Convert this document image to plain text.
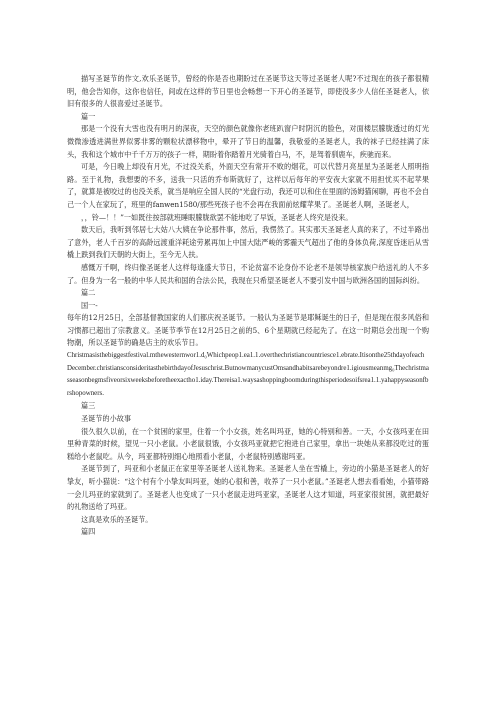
描写圣诞节的作文,欢乐圣诞节，曾经的你是否也期盼过在圣诞节这天等过圣诞老人呢?不过现在的孩子都很精明，他会告知你，这你也信任，间或在这样的节日里也会畅想一下开心的圣诞节，即使没多少人信任圣诞老人，依旧有很多的人很喜爱过圣诞节。

篇一

那是一个没有大雪也没有明月的深夜，天空的颜色就像你老班趴窗户时阴沉的脸色，对面楼层朦胧透过的灯光微微渗透进满世界似雾非雾的颗粒状漂移物中，晕开了节日的温馨，我敬爱的圣诞老人，我的袜子已经挂满了床头，我和这个城市中千千万万的孩子一样，期盼着你踏着月光骑着白马，不，是驾着驯鹿车，疾驰而来。

可是，今日晚上却没有月光，不过没关系，外面天空有常开不败的烟花，可以代替月亮星星为圣诞老人照明指路。至于礼物，我想要的不多，送我一只活的乔布斯就好了，这样以后每年的平安夜大家就不用担忧买不起苹果了，就算是被咬过的也没关系，就当是响应全国人民的“光盘行动，我还可以和住在里面的汤姆猫闲聊，再也不会自己一个人在家玩了，班里的fanwen1580/那些死孩子也不会再在我面前炫耀苹果了。圣诞老人啊，圣诞老人，

，，铃—！！”一如既往按部就班睡眼朦胧欲罢不能地吃了早饭，圣诞老人终究是没来。

数天后，我听到邻居七大姑八大姨在争论那件事，然后，我愣然了。其实那天圣诞老人真的来了，不过半路出了意外，老人千百岁的高龄远渡重洋耗途劳累再加上中国大陆严峻的雾霾天气超出了他的身体负荷,深度昏迷后从雪橇上跌到我们天朝的大街上，至今无人扶。

感慨万千啊，终归像圣诞老人这样每逢盛大节日，不论贫富不论身份不论老不是领导核家族户给送礼的人不多了。但身为一名一般的中华人民共和国的合法公民，我现在只希望圣诞老人不要引发中国与欧洲各国的国际纠纷。

篇二

国一-

每年的12月25日，全部基督教国家的人们都庆祝圣诞节。一般认为圣诞节是耶稣诞生的日子，但是现在很多风俗和习惯都已超出了宗教意义。圣诞节季节在12月25日之前的5、6个星期就已经起先了。在这一时期总会出现一个购物潮，所以圣诞节的确是店主的欢乐节日。

Christmasisthebiggestfestival.mthewesternwor1.d₀Whichpeop1.ea1.1.overthechristiancountriesce1.ebrate.Itisonthe25thdayofeachDecember.christiansconsideritasthebirthdayofJesuschrist.ButnowmanycustOmsandhabitsarebeyondre1.igiousmeanmg₀Thechristmasseasonbegmsfiveorsixweeksbeforetheexactho1.iday.Thereisa1.waysashoppingboomduringthisperiodesoifsrea1.1.yahappyseasonfbrshopowners.

篇三

圣诞节的小故事

很久很久以前，在一个贫困的家里，住着一个小女孩，姓名叫玛亚，她的心特别和善。一天，小女孩玛亚在田里种青菜的时候，望见一只小老鼠。小老鼠很饿，小女孩玛亚就把它抱进自己家里，拿出一块她从来都没吃过的蛋糕给小老鼠吃。从今，玛亚都特别细心地照看小老鼠，小老鼠特别感谢玛亚。

圣诞节到了，玛亚和小老鼠正在家里等圣诞老人送礼物来。圣诞老人坐在雪橇上，旁边的小猫是圣诞老人的好挚友，听小猫说：“这个村有个小挚友叫玛亚，她的心很和善，收养了一只小老鼠。”圣诞老人想去看看她，小猫带路一会儿玛亚的家就到了。圣诞老人也变成了一只小老鼠走进玛亚家，圣诞老人这才知道，玛亚家很贫困，就把最好的礼物送给了玛亚。

这真是欢乐的圣诞节。

篇四
